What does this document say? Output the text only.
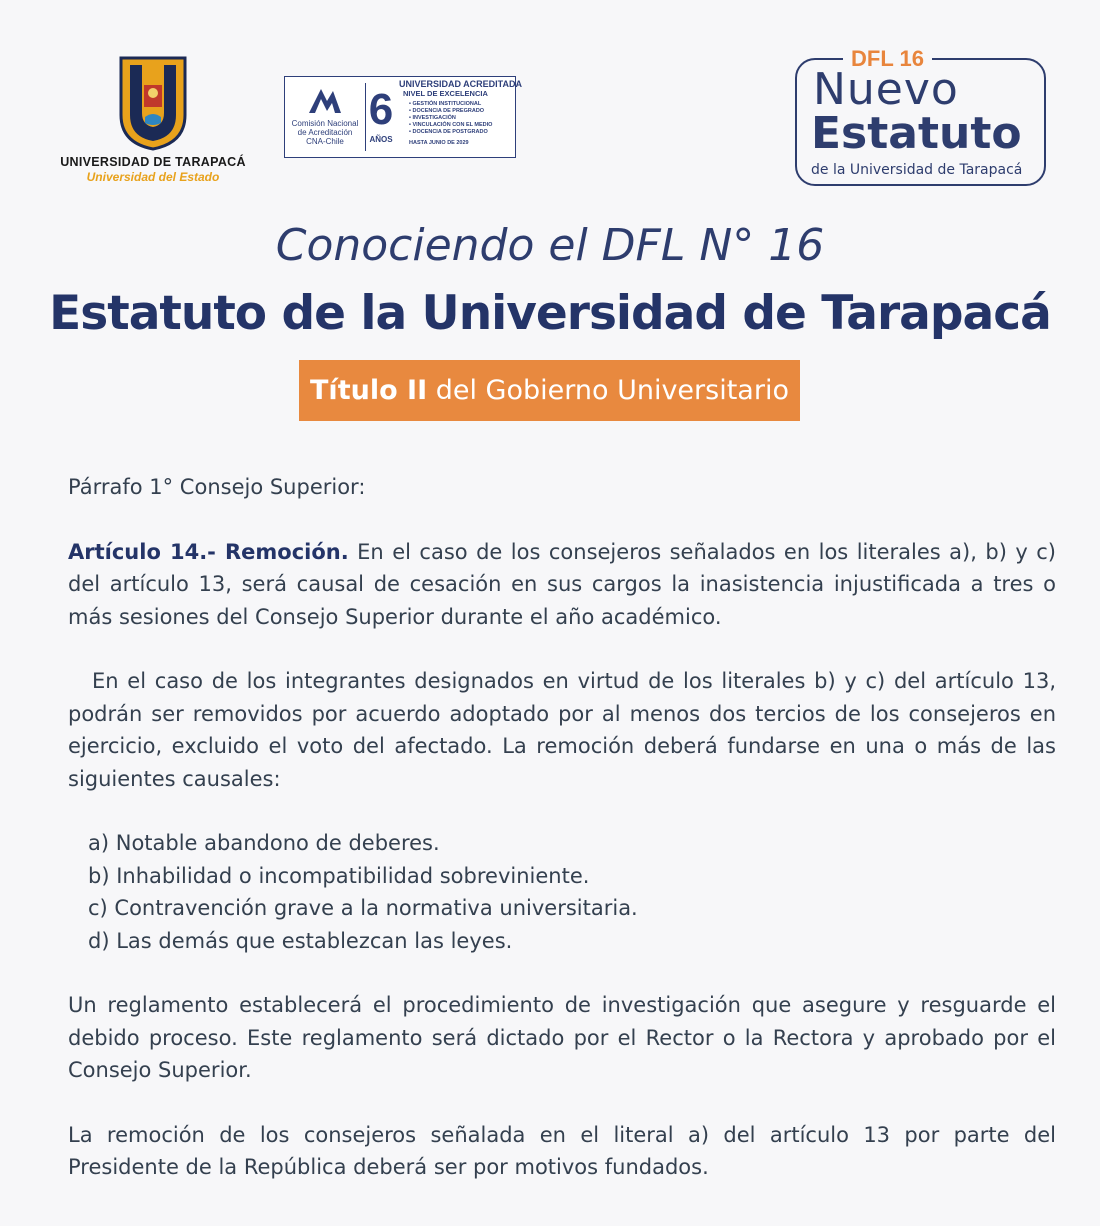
UNIVERSIDAD DE TARAPACÁ
Universidad del Estado
Comisión Nacional
de Acreditación
CNA-Chile
6
AÑOS
UNIVERSIDAD ACREDITADA
NIVEL DE EXCELENCIA
• GESTIÓN INSTITUCIONAL
• DOCENCIA DE PREGRADO
• INVESTIGACIÓN
• VINCULACIÓN CON EL MEDIO
• DOCENCIA DE POSTGRADO
HASTA JUNIO DE 2029
DFL 16
Nuevo
Estatuto
de la Universidad de Tarapacá
Conociendo el DFL N° 16
Estatuto de la Universidad de Tarapacá
Título II del Gobierno Universitario

Párrafo 1° Consejo Superior:

Artículo 14.- Remoción. En el caso de los consejeros señalados en los literales a), b) y c) del artículo 13, será causal de cesación en sus cargos la inasistencia injustificada a tres o más sesiones del Consejo Superior durante el año académico.

En el caso de los integrantes designados en virtud de los literales b) y c) del artículo 13, podrán ser removidos por acuerdo adoptado por al menos dos tercios de los consejeros en ejercicio, excluido el voto del afectado. La remoción deberá fundarse en una o más de las siguientes causales:

a) Notable abandono de deberes.
b) Inhabilidad o incompatibilidad sobreviniente.
c) Contravención grave a la normativa universitaria.
d) Las demás que establezcan las leyes.

Un reglamento establecerá el procedimiento de investigación que asegure y resguarde el debido proceso. Este reglamento será dictado por el Rector o la Rectora y aprobado por el Consejo Superior.

La remoción de los consejeros señalada en el literal a) del artículo 13 por parte del Presidente de la República deberá ser por motivos fundados.
